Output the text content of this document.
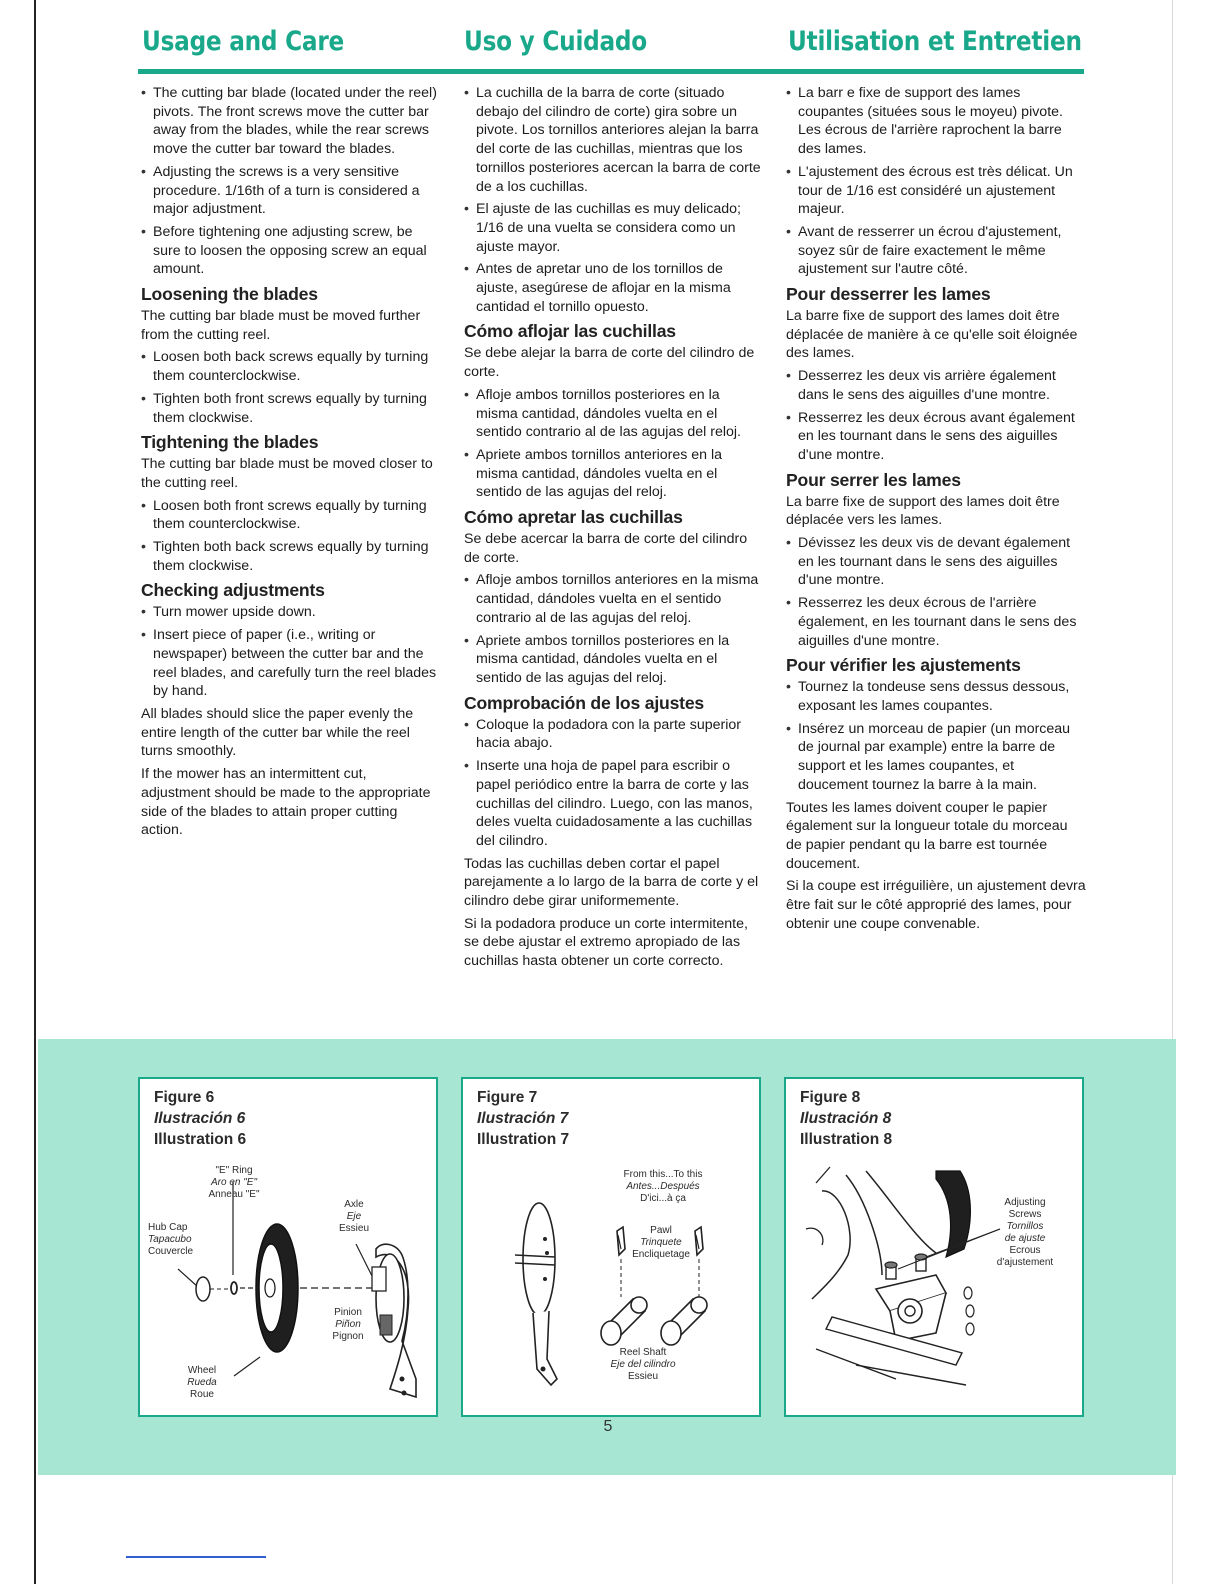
Usage and Care	Uso y Cuidado	Utilisation et Entretien
• The cutting bar blade (located under the reel) pivots. The front screws move the cutter bar away from the blades, while the rear screws move the cutter bar toward the blades.
• Adjusting the screws is a very sensitive procedure. 1/16th of a turn is considered a major adjustment.
• Before tightening one adjusting screw, be sure to loosen the opposing screw an equal amount.
Loosening the blades
The cutting bar blade must be moved further from the cutting reel.
• Loosen both back screws equally by turning them counterclockwise.
• Tighten both front screws equally by turning them clockwise.
Tightening the blades
The cutting bar blade must be moved closer to the cutting reel.
• Loosen both front screws equally by turning them counterclockwise.
• Tighten both back screws equally by turning them clockwise.
Checking adjustments
• Turn mower upside down.
• Insert piece of paper (i.e., writing or newspaper) between the cutter bar and the reel blades, and carefully turn the reel blades by hand.
All blades should slice the paper evenly the entire length of the cutter bar while the reel turns smoothly.
If the mower has an intermittent cut, adjustment should be made to the appropriate side of the blades to attain proper cutting action.
• La cuchilla de la barra de corte (situado debajo del cilindro de corte) gira sobre un pivote. Los tornillos anteriores alejan la barra del corte de las cuchillas, mientras que los tornillos posteriores acercan la barra de corte de a los cuchillas.
• El ajuste de las cuchillas es muy delicado; 1/16 de una vuelta se considera como un ajuste mayor.
• Antes de apretar uno de los tornillos de ajuste, asegúrese de aflojar en la misma cantidad el tornillo opuesto.
Cómo aflojar las cuchillas
Se debe alejar la barra de corte del cilindro de corte.
• Afloje ambos tornillos posteriores en la misma cantidad, dándoles vuelta en el sentido contrario al de las agujas del reloj.
• Apriete ambos tornillos anteriores en la misma cantidad, dándoles vuelta en el sentido de las agujas del reloj.
Cómo apretar las cuchillas
Se debe acercar la barra de corte del cilindro de corte.
• Afloje ambos tornillos anteriores en la misma cantidad, dándoles vuelta en el sentido contrario al de las agujas del reloj.
• Apriete ambos tornillos posteriores en la misma cantidad, dándoles vuelta en el sentido de las agujas del reloj.
Comprobación de los ajustes
• Coloque la podadora con la parte superior hacia abajo.
• Inserte una hoja de papel para escribir o papel periódico entre la barra de corte y las cuchillas del cilindro. Luego, con las manos, deles vuelta cuidadosamente a las cuchillas del cilindro.
Todas las cuchillas deben cortar el papel parejamente a lo largo de la barra de corte y el cilindro debe girar uniformemente.
Si la podadora produce un corte intermitente, se debe ajustar el extremo apropiado de las cuchillas hasta obtener un corte correcto.
• La barr e fixe de support des lames coupantes (situées sous le moyeu) pivote. Les écrous de l'arrière raprochent la barre des lames.
• L'ajustement des écrous est très délicat. Un tour de 1/16 est considéré un ajustement majeur.
• Avant de resserrer un écrou d'ajustement, soyez sûr de faire exactement le même ajustement sur l'autre côté.
Pour desserrer les lames
La barre fixe de support des lames doit être déplacée de manière à ce qu'elle soit éloignée des lames.
• Desserrez les deux vis arrière également dans le sens des aiguilles d'une montre.
• Resserrez les deux écrous avant également en les tournant dans le sens des aiguilles d'une montre.
Pour serrer les lames
La barre fixe de support des lames doit être déplacée vers les lames.
• Dévissez les deux vis de devant également en les tournant dans le sens des aiguilles d'une montre.
• Resserrez les deux écrous de l'arrière également, en les tournant dans le sens des aiguilles d'une montre.
Pour vérifier les ajustements
• Tournez la tondeuse sens dessus dessous, exposant les lames coupantes.
• Insérez un morceau de papier (un morceau de journal par example) entre la barre de support et les lames coupantes, et doucement tournez la barre à la main.
Toutes les lames doivent couper le papier également sur la longueur totale du morceau de papier pendant qu la barre est tournée doucement.
Si la coupe est irréguilière, un ajustement devra être fait sur le côté approprié des lames, pour obtenir une coupe convenable.
Figure 6
Ilustración 6
Illustration 6
"E" Ring
Aro en "E"
Anneau "E"
Hub Cap
Tapacubo
Couvercle
Axle
Eje
Essieu
Pinion
Piñon
Pignon
Wheel
Rueda
Roue
Figure 7
Ilustración 7
Illustration 7
From this...To this
Antes...Después
D'ici...à ça
Pawl
Trinquete
Encliquetage
Reel Shaft
Eje del cilindro
Essieu
Figure 8
Ilustración 8
Illustration 8
Adjusting
Screws
Tornillos
de ajuste
Ecrous
d'ajustement
5
